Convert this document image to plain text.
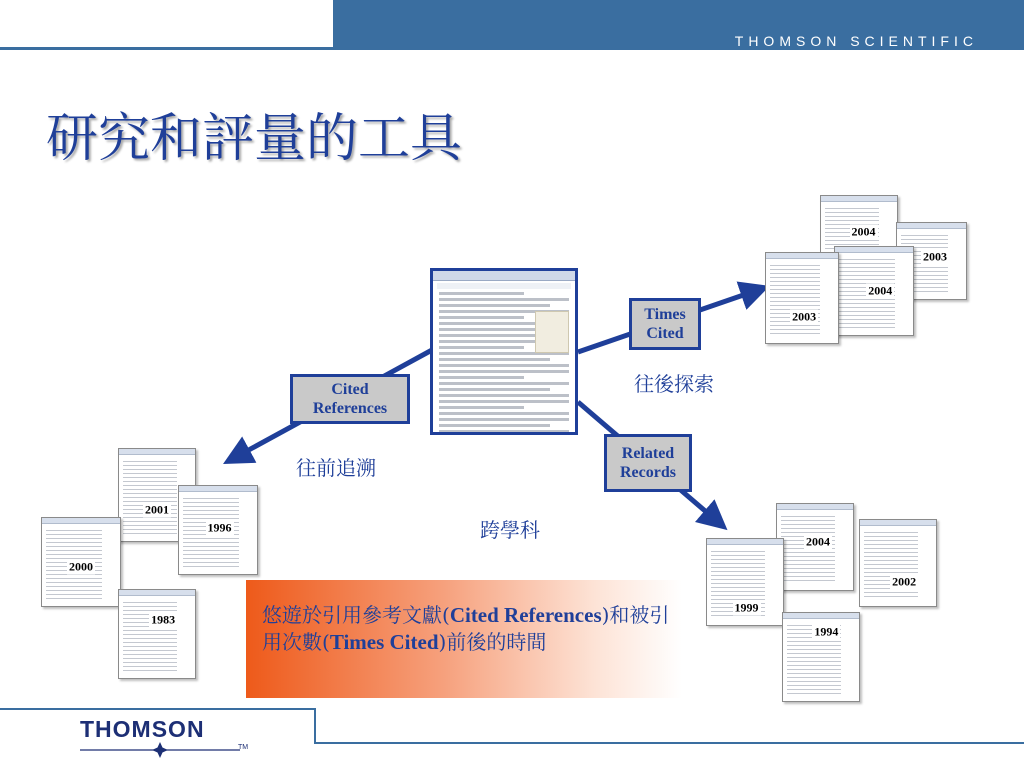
THOMSON SCIENTIFIC
研究和評量的工具
2001
1996
2000
1983
2004
2003
2004
2003
2004
2002
1999
1994
Cited
References
Times
Cited
Related
Records
往前追溯
往後探索
跨學科
悠遊於引用參考文獻(Cited References)和被引用次數(Times Cited)前後的時間
THOMSON
TM
